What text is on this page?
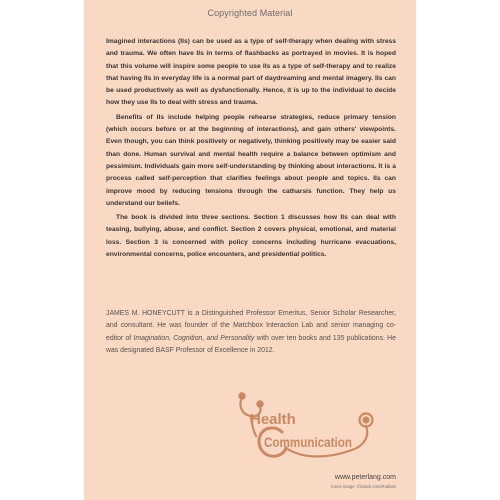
Copyrighted Material

Imagined interactions (IIs) can be used as a type of self-therapy when dealing with stress and trauma. We often have IIs in terms of flashbacks as portrayed in movies. It is hoped that this volume will inspire some people to use IIs as a type of self-therapy and to realize that having IIs in everyday life is a normal part of daydreaming and mental imagery. IIs can be used productively as well as dysfunctionally. Hence, it is up to the individual to decide how they use IIs to deal with stress and trauma.

Benefits of IIs include helping people rehearse strategies, reduce primary tension (which occurs before or at the beginning of interactions), and gain others' viewpoints. Even though, you can think positively or negatively, thinking positively may be easier said than done. Human survival and mental health require a balance between optimism and pessimism. Individuals gain more self-understanding by thinking about interactions. It is a process called self-perception that clarifies feelings about people and topics. IIs can improve mood by reducing tensions through the catharsis function. They help us understand our beliefs.

The book is divided into three sections. Section 1 discusses how IIs can deal with teasing, bullying, abuse, and conflict. Section 2 covers physical, emotional, and material loss. Section 3 is concerned with policy concerns including hurricane evacuations, environmental concerns, police encounters, and presidential politics.

JAMES M. HONEYCUTT is a Distinguished Professor Emeritus, Senior Scholar Researcher, and consultant. He was founder of the Matchbox Interaction Lab and senior managing co-editor of Imagination, Cognition, and Personality with over ten books and 135 publications. He was designated BASF Professor of Excellence in 2012.
Health
Communication
www.peterlang.com
Cover image: ©iStock.com/Rubbos
